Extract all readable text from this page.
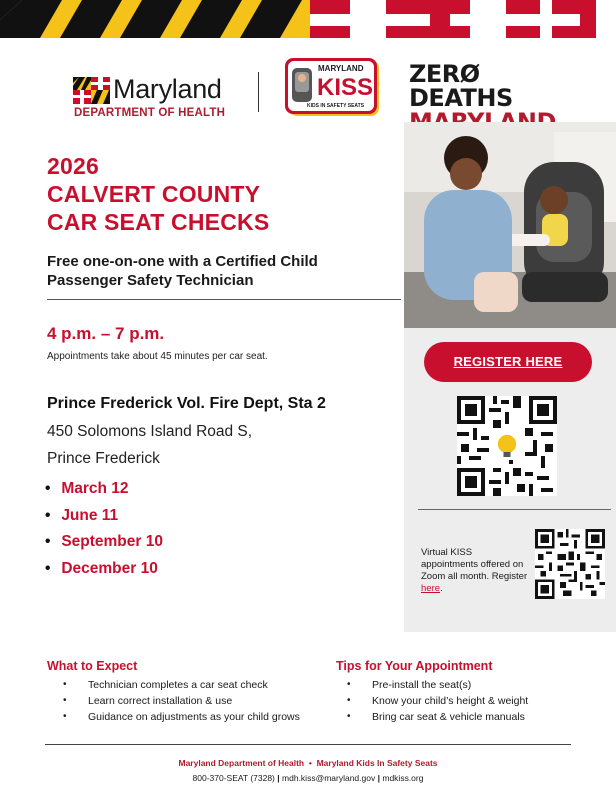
Maryland
DEPARTMENT OF HEALTH
MARYLAND
KISS
KIDS IN SAFETY SEATS
ZERØ DEATHS
2026
CALVERT COUNTY
CAR SEAT CHECKS
Free one-on-one with a Certified Child Passenger Safety Technician
4 p.m. – 7 p.m.
Appointments take about 45 minutes per car seat.
Prince Frederick Vol. Fire Dept, Sta 2
450 Solomons Island Road S,
Prince Frederick
• March 12
• June 11
• September 10
• December 10
REGISTER HERE
Virtual KISS appointments offered on Zoom all month. Register here.
What to Expect
• Technician completes a car seat check
• Learn correct installation & use
• Guidance on adjustments as your child grows
Tips for Your Appointment
• Pre-install the seat(s)
• Know your child’s height & weight
• Bring car seat & vehicle manuals
Maryland Department of Health • Maryland Kids In Safety Seats
800-370-SEAT (7328) | mdh.kiss@maryland.gov | mdkiss.org
